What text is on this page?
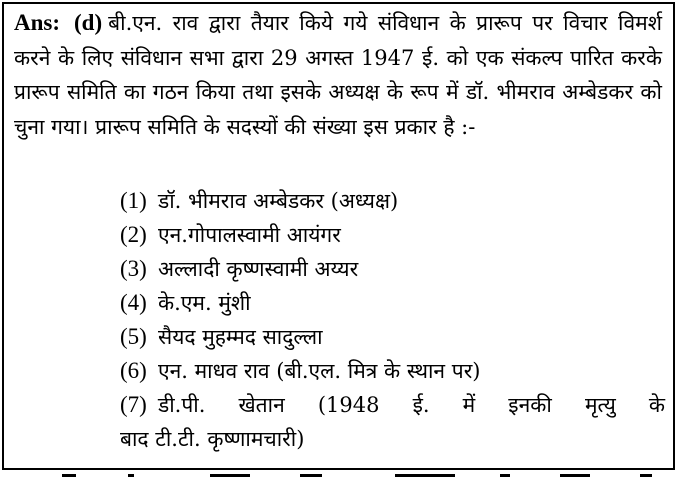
Ans: (d) बी.एन. राव द्वारा तैयार किये गये संविधान के प्रारूप पर विचार विमर्श करने के लिए संविधान सभा द्वारा 29 अगस्त 1947 ई. को एक संकल्प पारित करके प्रारूप समिति का गठन किया तथा इसके अध्यक्ष के रूप में डॉ. भीमराव अम्बेडकर को चुना गया। प्रारूप समिति के सदस्यों की संख्या इस प्रकार है :-

(1) डॉ. भीमराव अम्बेडकर (अध्यक्ष)
(2) एन.गोपालस्वामी आयंगर
(3) अल्लादी कृष्णस्वामी अय्यर
(4) के.एम. मुंशी
(5) सैयद मुहम्मद सादुल्ला
(6) एन. माधव राव (बी.एल. मित्र के स्थान पर)
(7) डी.पी. खेतान (1948 ई. में इनकी मृत्यु के
बाद टी.टी. कृष्णामचारी)
